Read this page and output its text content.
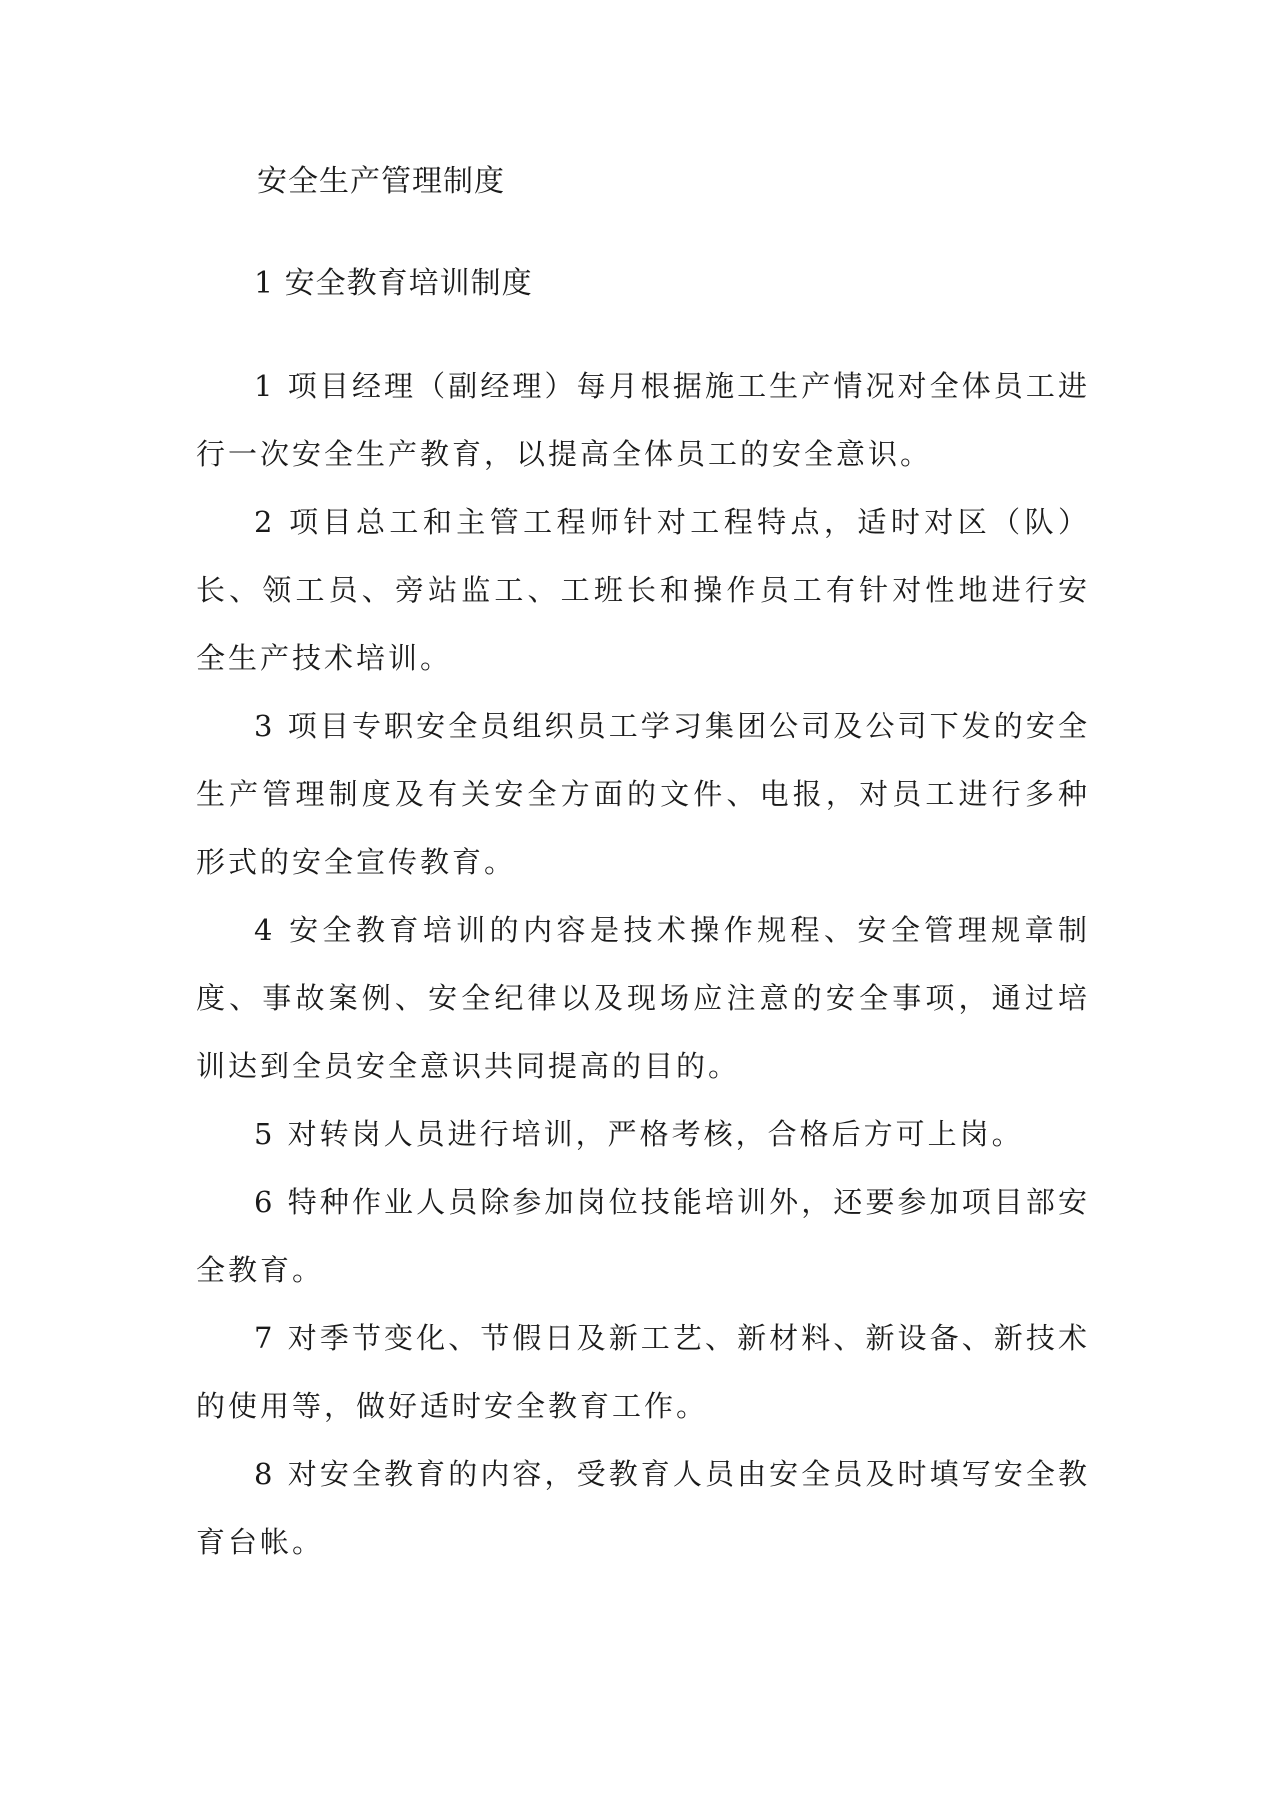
安全生产管理制度
1 安全教育培训制度

1 项目经理（副经理）每月根据施工生产情况对全体员工进行一次安全生产教育，以提高全体员工的安全意识。

2 项目总工和主管工程师针对工程特点，适时对区（队）长、领工员、旁站监工、工班长和操作员工有针对性地进行安全生产技术培训。

3 项目专职安全员组织员工学习集团公司及公司下发的安全生产管理制度及有关安全方面的文件、电报，对员工进行多种形式的安全宣传教育。

4 安全教育培训的内容是技术操作规程、安全管理规章制度、事故案例、安全纪律以及现场应注意的安全事项，通过培训达到全员安全意识共同提高的目的。

5 对转岗人员进行培训，严格考核，合格后方可上岗。

6 特种作业人员除参加岗位技能培训外，还要参加项目部安全教育。

7 对季节变化、节假日及新工艺、新材料、新设备、新技术的使用等，做好适时安全教育工作。

8 对安全教育的内容，受教育人员由安全员及时填写安全教育台帐。
